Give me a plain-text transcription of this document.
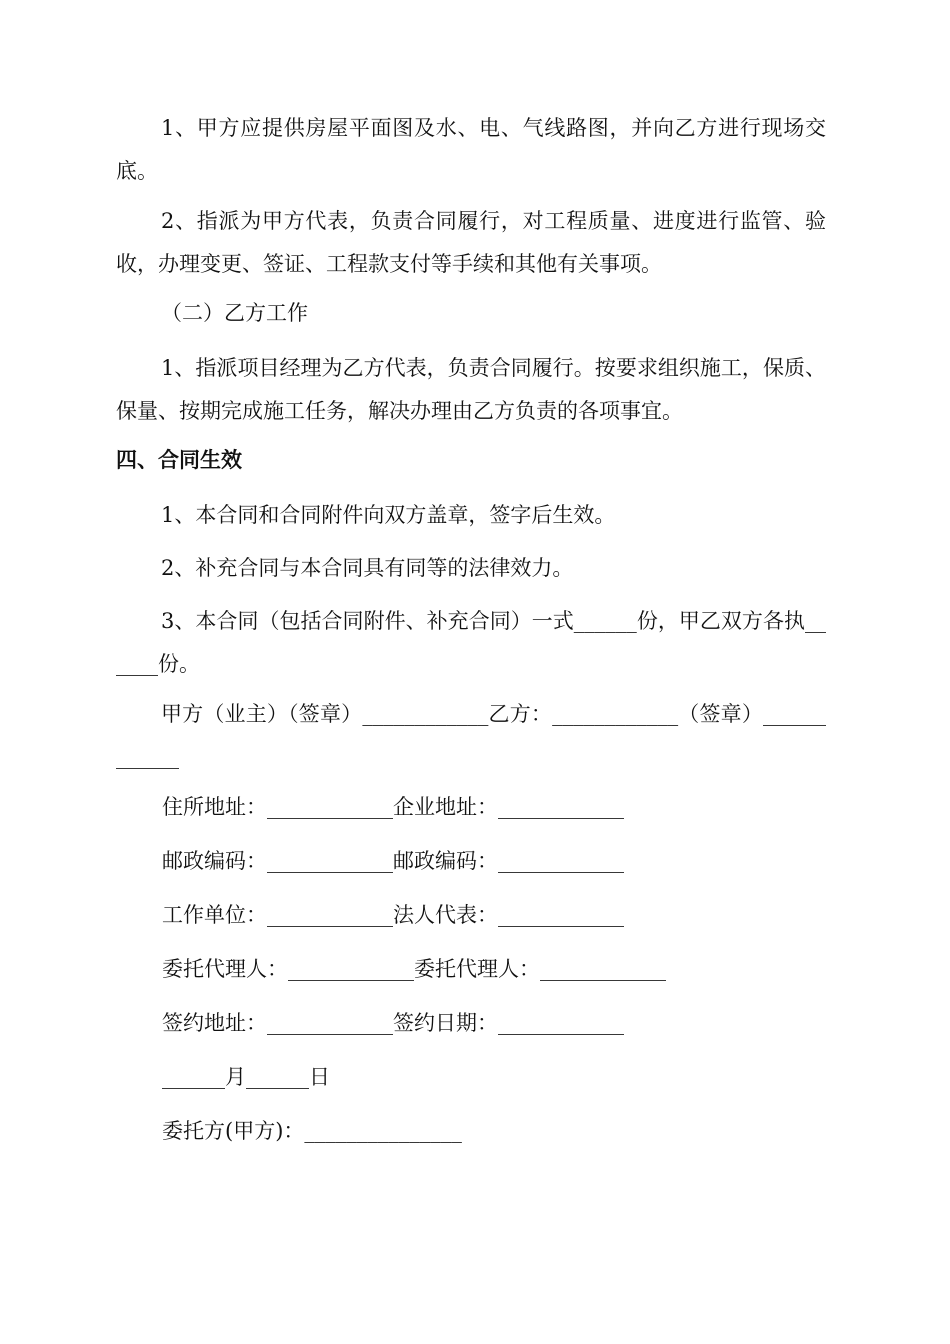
1、甲方应提供房屋平面图及水、电、气线路图，并向乙方进行现场交底。

2、指派为甲方代表，负责合同履行，对工程质量、进度进行监管、验收，办理变更、签证、工程款支付等手续和其他有关事项。

（二）乙方工作

1、指派项目经理为乙方代表，负责合同履行。按要求组织施工，保质、保量、按期完成施工任务，解决办理由乙方负责的各项事宜。

四、合同生效

1、本合同和合同附件向双方盖章，签字后生效。

2、补充合同与本合同具有同等的法律效力。

3、本合同（包括合同附件、补充合同）一式______份，甲乙双方各执______份。

甲方（业主）（签章）____________乙方：____________（签章）____________

住所地址：____________企业地址：____________

邮政编码：____________邮政编码：____________

工作单位：____________法人代表：____________

委托代理人：____________委托代理人：____________

签约地址：____________签约日期：____________

______月______日

委托方(甲方)：_______________
